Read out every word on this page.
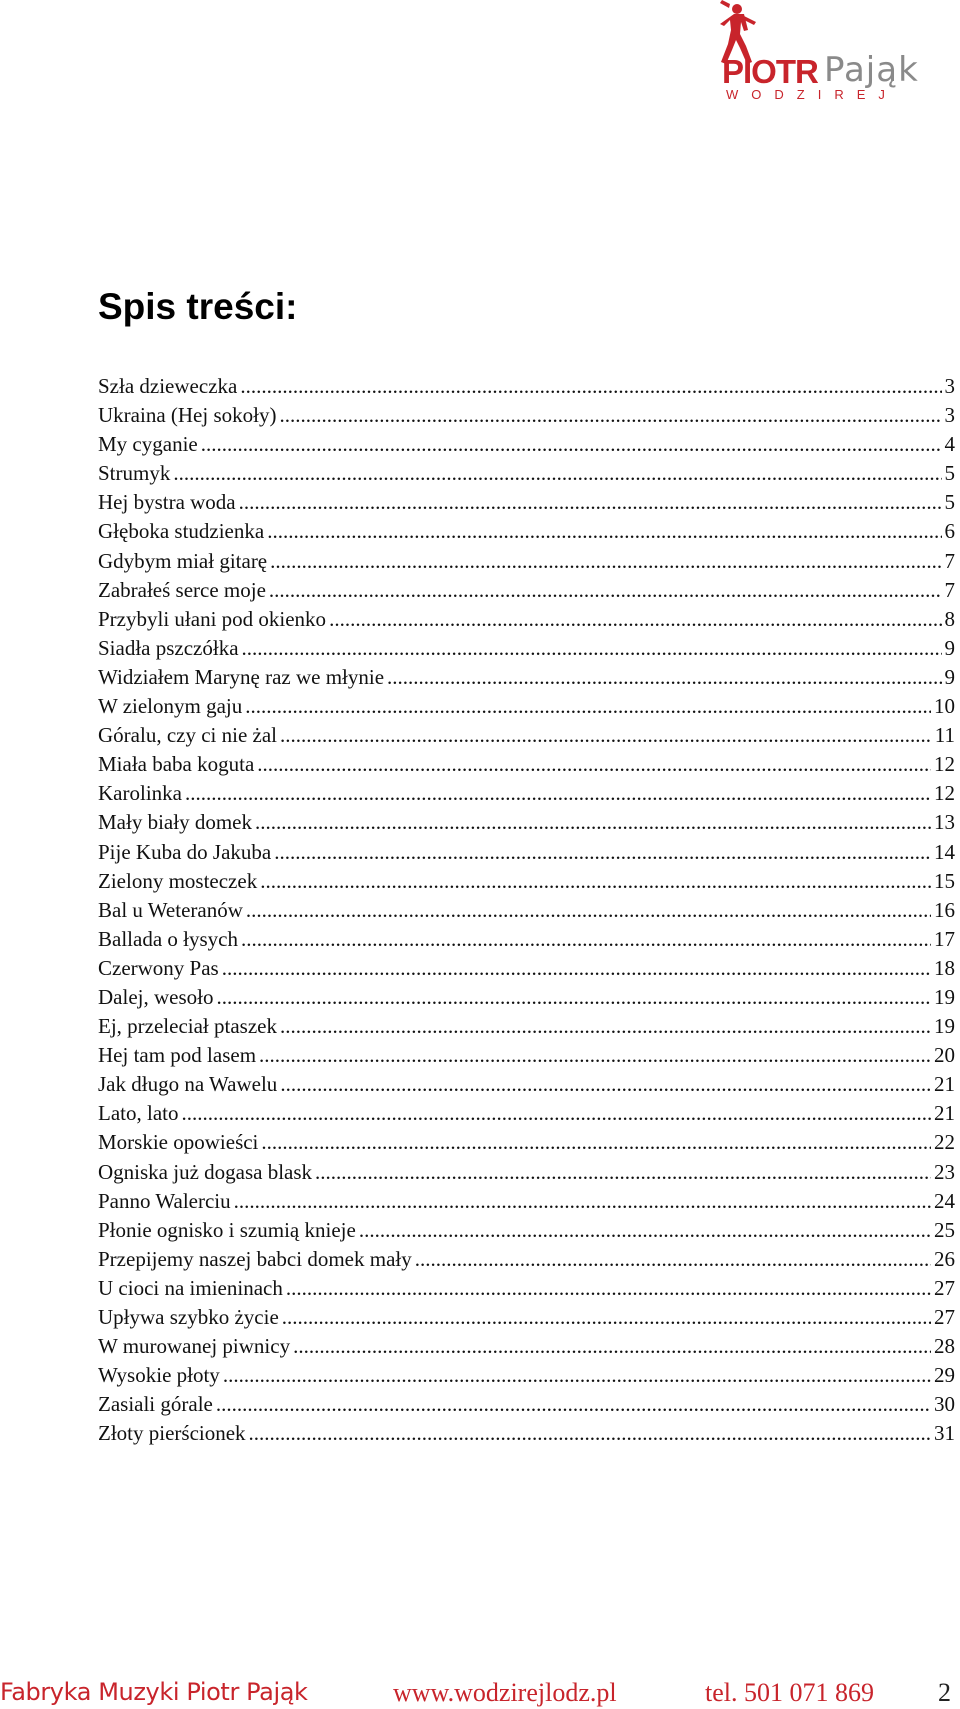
PIOTR Pająk
WODZIREJ
Spis treści:
Szła dzieweczka .....	3
Ukraina (Hej sokoły) .....	3
My cyganie .....	4
Strumyk .....	5
Hej bystra woda .....	5
Głęboka studzienka .....	6
Gdybym miał gitarę .....	7
Zabrałeś serce moje .....	7
Przybyli ułani pod okienko .....	8
Siadła pszczółka .....	9
Widziałem Marynę raz we młynie .....	9
W zielonym gaju .....	10
Góralu, czy ci nie żal .....	11
Miała baba koguta .....	12
Karolinka .....	12
Mały biały domek .....	13
Pije Kuba do Jakuba .....	14
Zielony mosteczek .....	15
Bal u Weteranów .....	16
Ballada o łysych .....	17
Czerwony Pas .....	18
Dalej, wesoło .....	19
Ej, przeleciał ptaszek .....	19
Hej tam pod lasem .....	20
Jak długo na Wawelu .....	21
Lato, lato .....	21
Morskie opowieści .....	22
Ogniska już dogasa blask .....	23
Panno Walerciu .....	24
Płonie ognisko i szumią knieje .....	25
Przepijemy naszej babci domek mały .....	26
U cioci na imieninach .....	27
Upływa szybko życie .....	27
W murowanej piwnicy .....	28
Wysokie płoty .....	29
Zasiali górale .....	30
Złoty pierścionek .....	31
Fabryka Muzyki Piotr Pająk	www.wodzirejlodz.pl	tel. 501 071 869 2
